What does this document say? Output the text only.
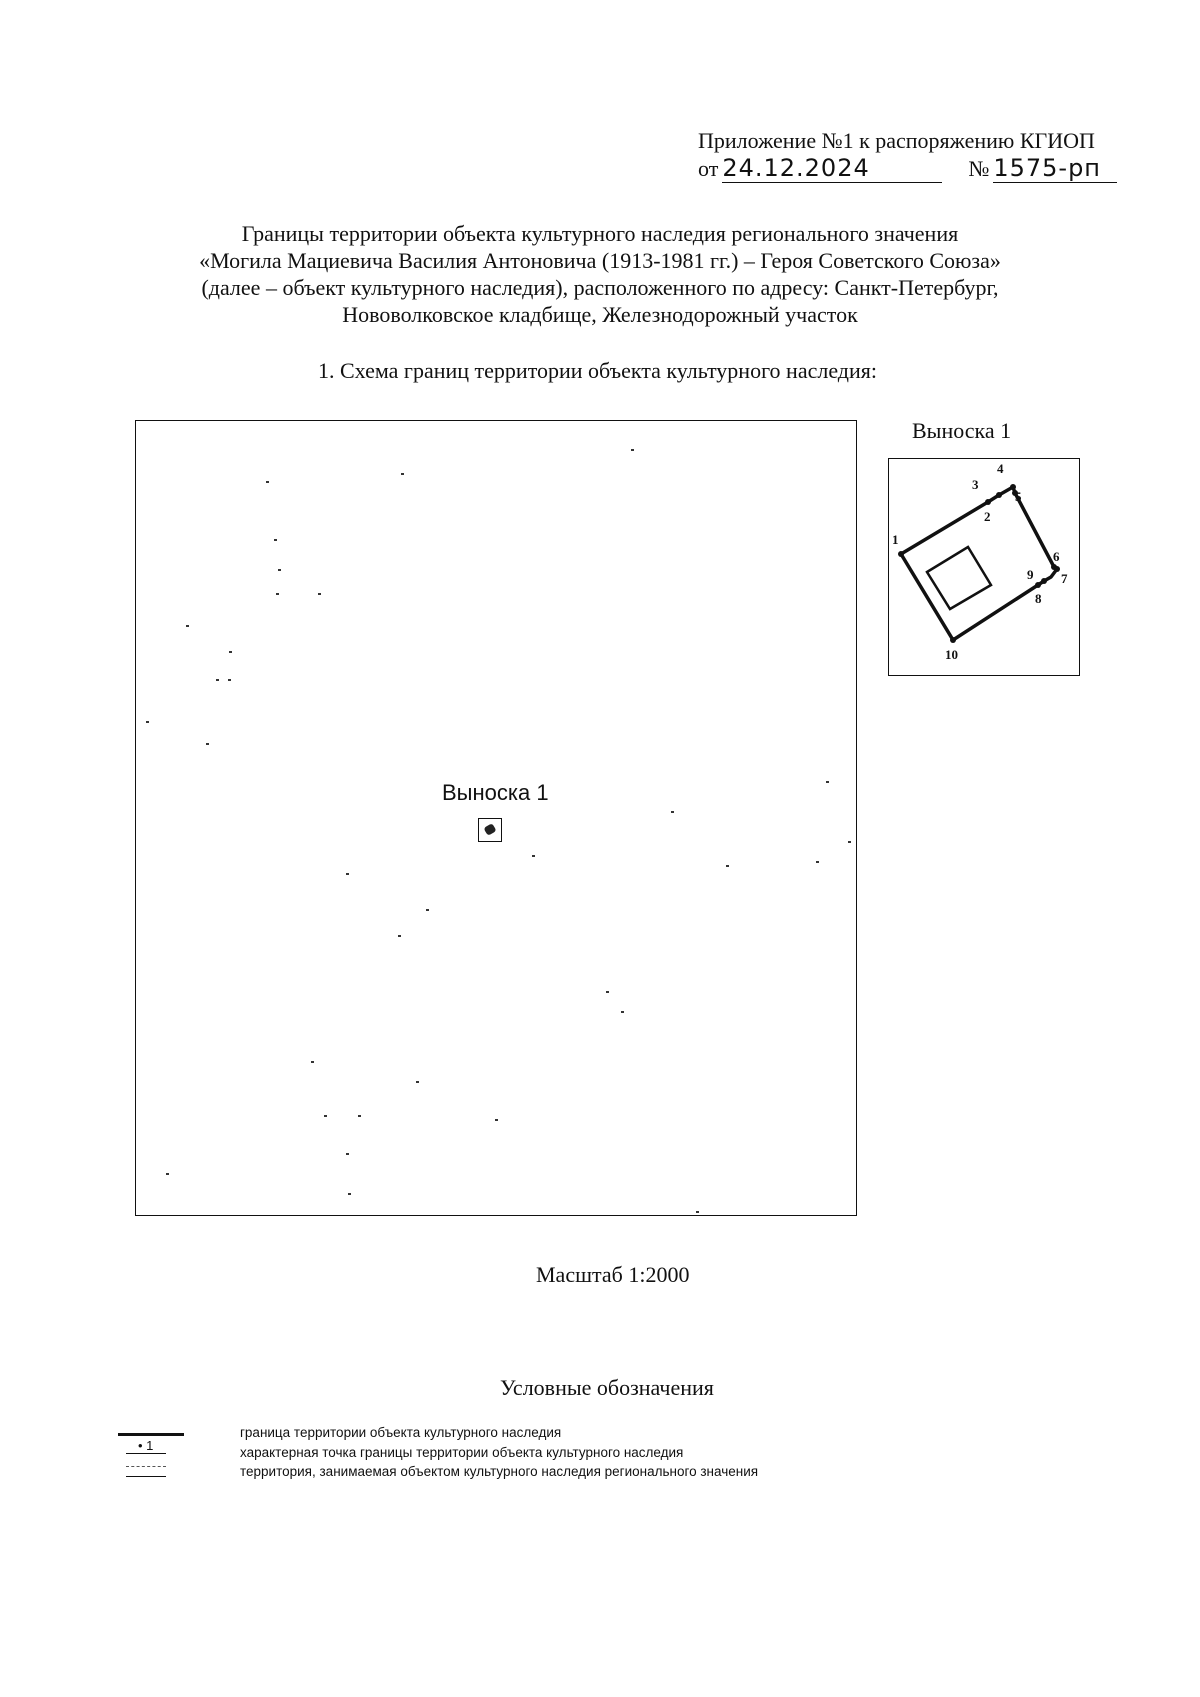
Приложение №1 к распоряжению КГИОП
от 24.12.2024	№ 1575-рп
Границы территории объекта культурного наследия регионального значения
«Могила Мациевича Василия Антоновича (1913-1981 гг.) – Героя Советского Союза»
(далее – объект культурного наследия), расположенного по адресу: Санкт-Петербург,
Нововолковское кладбище, Железнодорожный участок
1. Схема границ территории объекта культурного наследия:
Выноска 1
Выноска 1
1
2
3
4
5
6
7
8
9
10
Масштаб 1:2000
Условные обозначения
• 1
граница территории объекта культурного наследия
характерная точка границы территории объекта культурного наследия
территория, занимаемая объектом культурного наследия регионального значения
